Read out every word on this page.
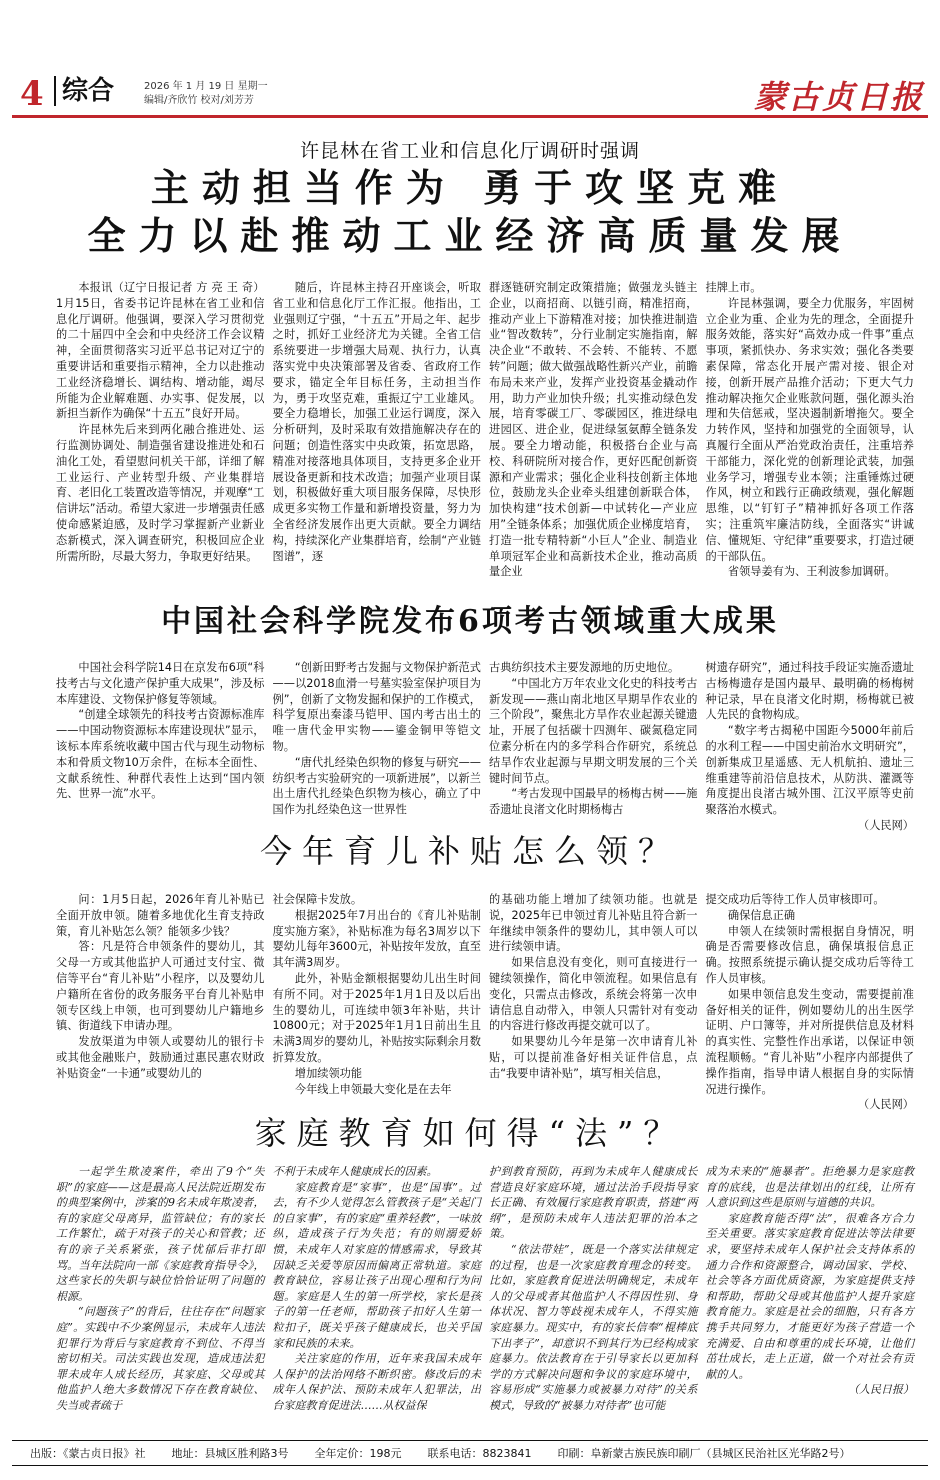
4 综合	2026 年 1 月 19 日 星期一
编辑/齐欣竹 校对/刘芳芳	蒙古贞日报
许昆林在省工业和信息化厅调研时强调
主动担当作为 勇于攻坚克难
全力以赴推动工业经济高质量发展

本报讯（辽宁日报记者 方 亮 王 奇）1月15日，省委书记许昆林在省工业和信息化厅调研。他强调，要深入学习贯彻党的二十届四中全会和中央经济工作会议精神，全面贯彻落实习近平总书记对辽宁的重要讲话和重要指示精神，全力以赴推动工业经济稳增长、调结构、增动能，竭尽所能为企业解难题、办实事、促发展，以新担当新作为确保“十五五”良好开局。

许昆林先后来到两化融合推进处、运行监测协调处、制造强省建设推进处和石油化工处，看望慰问机关干部，详细了解工业运行、产业转型升级、产业集群培育、老旧化工装置改造等情况，并观摩“工信讲坛”活动。希望大家进一步增强责任感使命感紧迫感，及时学习掌握新产业新业态新模式，深入调查研究，积极回应企业所需所盼，尽最大努力，争取更好结果。

随后，许昆林主持召开座谈会，听取省工业和信息化厅工作汇报。他指出，工业强则辽宁强，“十五五”开局之年、起步之时，抓好工业经济尤为关键。全省工信系统要进一步增强大局观、执行力，认真落实党中央决策部署及省委、省政府工作要求，锚定全年目标任务，主动担当作为，勇于攻坚克难，重振辽宁工业雄风。要全力稳增长，加强工业运行调度，深入分析研判，及时采取有效措施解决存在的问题；创造性落实中央政策，拓宽思路，精准对接落地具体项目，支持更多企业开展设备更新和技术改造；加强产业项目谋划，积极做好重大项目服务保障，尽快形成更多实物工作量和新增投资量，努力为全省经济发展作出更大贡献。要全力调结构，持续深化产业集群培育，绘制“产业链图谱”，逐

群逐链研究制定政策措施；做强龙头链主企业，以商招商、以链引商，精准招商，推动产业上下游精准对接；加快推进制造业“智改数转”，分行业制定实施指南，解决企业“不敢转、不会转、不能转、不愿转”问题；做大做强战略性新兴产业，前瞻布局未来产业，发挥产业投资基金撬动作用，助力产业加快升级；扎实推动绿色发展，培育零碳工厂、零碳园区，推进绿电进园区、进企业，促进绿氢氨醇全链条发展。要全力增动能，积极搭台企业与高校、科研院所对接合作，更好匹配创新资源和产业需求；强化企业科技创新主体地位，鼓励龙头企业牵头组建创新联合体，加快构建“技术创新—中试转化—产业应用”全链条体系；加强优质企业梯度培育，打造一批专精特新“小巨人”企业、制造业单项冠军企业和高新技术企业，推动高质量企业

挂牌上市。

许昆林强调，要全力优服务，牢固树立企业为重、企业为先的理念，全面提升服务效能，落实好“高效办成一件事”重点事项，紧抓快办、务求实效；强化各类要素保障，常态化开展产需对接、银企对接，创新开展产品推介活动；下更大气力推动解决拖欠企业账款问题，强化源头治理和失信惩戒，坚决遏制新增拖欠。要全力转作风，坚持和加强党的全面领导，认真履行全面从严治党政治责任，注重培养干部能力，深化党的创新理论武装，加强业务学习，增强专业本领；注重锤炼过硬作风，树立和践行正确政绩观，强化解题思维，以“钉钉子”精神抓好各项工作落实；注重筑牢廉洁防线，全面落实“讲诚信、懂规矩、守纪律”重要要求，打造过硬的干部队伍。

省领导姜有为、王利波参加调研。

中国社会科学院发布6项考古领域重大成果

中国社会科学院14日在京发布6项“科技考古与文化遗产保护重大成果”，涉及标本库建设、文物保护修复等领域。

“创建全球领先的科技考古资源标准库——中国动物资源标本库建设现状”显示，该标本库系统收藏中国古代与现生动物标本和骨质文物10万余件，在标本全面性、文献系统性、种群代表性上达到“国内领先、世界一流”水平。

“创新田野考古发掘与文物保护新范式——以2018血滑一号墓实验室保护项目为例”，创新了文物发掘和保护的工作模式，科学复原出秦漆马铠甲、国内考古出土的唯一唐代金甲实物——鎏金铜甲等铠文物。

“唐代扎经染色织物的修复与研究——纺织考古实验研究的一项新进展”，以新兰出土唐代扎经染色织物为核心，确立了中国作为扎经染色这一世界性

古典纺织技术主要发源地的历史地位。

“中国北方万年农业文化史的科技考古新发现——燕山南北地区早期旱作农业的三个阶段”，聚焦北方旱作农业起源关键遗址，开展了包括碳十四测年、碳氮稳定同位素分析在内的多学科合作研究，系统总结旱作农业起源与早期文明发展的三个关键时间节点。

“考古发现中国最早的杨梅古树——施岙遗址良渚文化时期杨梅古

树遗存研究”，通过科技手段证实施岙遗址古杨梅遗存是国内最早、最明确的杨梅树种记录，早在良渚文化时期，杨梅就已被人先民的食物构成。

“数字考古揭秘中国距今5000年前后的水利工程——中国史前治水文明研究”，创新集成卫星遥感、无人机航拍、遗址三维重建等前沿信息技术，从防洪、灌溉等角度提出良渚古城外围、江汉平原等史前聚落治水模式。

（人民网）

今年育儿补贴怎么领？

问：1月5日起，2026年育儿补贴已全面开放申领。随着多地优化生育支持政策，育儿补贴怎么领？能领多少钱？

答：凡是符合申领条件的婴幼儿，其父母一方或其他监护人可通过支付宝、微信等平台“育儿补贴”小程序，以及婴幼儿户籍所在省份的政务服务平台育儿补贴申领专区线上申领，也可到婴幼儿户籍地乡镇、街道线下申请办理。

发放渠道为申领人或婴幼儿的银行卡或其他金融账户，鼓励通过惠民惠农财政补贴资金“一卡通”或婴幼儿的

社会保障卡发放。

根据2025年7月出台的《育儿补贴制度实施方案》，补贴标准为每名3周岁以下婴幼儿每年3600元，补贴按年发放，直至其年满3周岁。

此外，补贴金额根据婴幼儿出生时间有所不同。对于2025年1月1日及以后出生的婴幼儿，可连续申领3年补贴，共计10800元；对于2025年1月1日前出生且未满3周岁的婴幼儿，补贴按实际剩余月数折算发放。

增加续领功能

今年线上申领最大变化是在去年

的基础功能上增加了续领功能。也就是说，2025年已申领过育儿补贴且符合新一年继续申领条件的婴幼儿，其申领人可以进行续领申请。

如果信息没有变化，则可直接进行一键续领操作，简化申领流程。如果信息有变化，只需点击修改，系统会将第一次申请信息自动带入，申领人只需针对有变动的内容进行修改再提交就可以了。

如果婴幼儿今年是第一次申请育儿补贴，可以提前准备好相关证件信息，点击“我要申请补贴”，填写相关信息，

提交成功后等待工作人员审核即可。

确保信息正确

申领人在续领时需根据自身情况，明确是否需要修改信息，确保填报信息正确。按照系统提示确认提交成功后等待工作人员审核。

如果申领信息发生变动，需要提前准备好相关的证件，例如婴幼儿的出生医学证明、户口簿等，并对所提供信息及材料的真实性、完整性作出承诺，以保证申领流程顺畅。“育儿补贴”小程序内部提供了操作指南，指导申请人根据自身的实际情况进行操作。

（人民网）

家庭教育如何得“法”？

一起学生欺凌案件，牵出了9个“失职”的家庭——这是最高人民法院近期发布的典型案例中，涉案的9名未成年欺凌者，有的家庭父母离异，监管缺位；有的家长工作繁忙，疏于对孩子的关心和管教；还有的亲子关系紧张，孩子忧郁后非打即骂。当年法院向一部《家庭教育指导令》，这些家长的失职与缺位恰恰证明了问题的根源。

“问题孩子”的背后，往往存在“问题家庭”。实践中不少案例显示，未成年人违法犯罪行为背后与家庭教育不到位、不得当密切相关。司法实践也发现，造成违法犯罪未成年人成长经历，其家庭、父母或其他监护人绝大多数情况下存在教育缺位、失当或者疏于

不利于未成年人健康成长的因素。

家庭教育是“家事”，也是“国事”。过去，有不少人觉得怎么管教孩子是“关起门的自家事”，有的家庭“重养轻教”，一味放纵，造成孩子行为失范；有的则溺爱娇惯，未成年人对家庭的情感需求，导致其因缺乏关爱等原因而偏离正常轨道。家庭教育缺位，容易让孩子出现心理和行为问题。家庭是人生的第一所学校，家长是孩子的第一任老师，帮助孩子扣好人生第一粒扣子，既关乎孩子健康成长，也关乎国家和民族的未来。

关注家庭的作用，近年来我国未成年人保护的法治网络不断织密。修改后的未成年人保护法、预防未成年人犯罪法，出台家庭教育促进法……从权益保

护到教育预防，再到为未成年人健康成长营造良好家庭环境，通过法治手段指导家长正确、有效履行家庭教育职责，搭建“两纲”，是预防未成年人违法犯罪的治本之策。

“依法带娃”，既是一个落实法律规定的过程，也是一次家庭教育理念的转变。比如，家庭教育促进法明确规定，未成年人的父母或者其他监护人不得因性别、身体状况、智力等歧视未成年人，不得实施家庭暴力。现实中，有的家长信奉“棍棒底下出孝子”，却意识不到其行为已经构成家庭暴力。依法教育在于引导家长以更加科学的方式解决问题和争议的家庭环境中，容易形成“实施暴力或被暴力对待”的关系模式，导致的“被暴力对待者”也可能

成为未来的“施暴者”。拒绝暴力是家庭教育的底线，也是法律划出的红线，让所有人意识到这些是原则与道德的共识。

家庭教育能否得“法”，很难各方合力至关重要。落实家庭教育促进法等法律要求，要坚持未成年人保护社会支持体系的通力合作和资源整合，调动国家、学校、社会等各方面优质资源，为家庭提供支持和帮助，帮助父母或其他监护人提升家庭教育能力。家庭是社会的细胞，只有各方携手共同努力，才能更好为孩子营造一个充满爱、自由和尊重的成长环境，让他们茁壮成长，走上正道，做一个对社会有贡献的人。

（人民日报）

出版：《蒙古贞日报》社 地址：县城区胜利路3号 全年定价：198元 联系电话：8823841 印刷：阜新蒙古族民族印刷厂（县城区民治社区光华路2号）
